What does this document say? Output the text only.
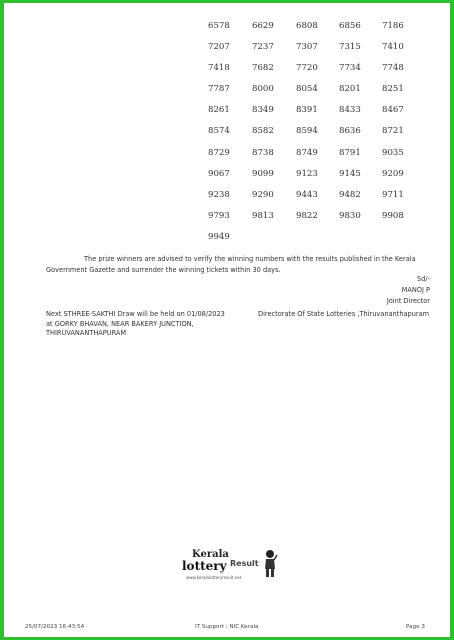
6578	6629	6808	6856	7186
7207	7237	7307	7315	7410
7418	7682	7720	7734	7748
7787	8000	8054	8201	8251
8261	8349	8391	8433	8467
8574	8582	8594	8636	8721
8729	8738	8749	8791	9035
9067	9099	9123	9145	9209
9238	9290	9443	9482	9711
9793	9813	9822	9830	9908
9949

The prize winners are advised to verify the winning numbers with the results published in the Kerala Government Gazette and surrender the winning tickets within 30 days.

Sd/-
MANOJ P
Joint Director
Next STHREE-SAKTHI Draw will be held on 01/08/2023
at GORKY BHAVAN, NEAR BAKERY JUNCTION,
THIRUVANANTHAPURAM
Directorate Of State Lotteries ,Thiruvananthapuram
Kerala
lottery Result
www.keralalotteryresult.net
25/07/2023 16:43:54	IT Support : NIC Kerala	Page 3
